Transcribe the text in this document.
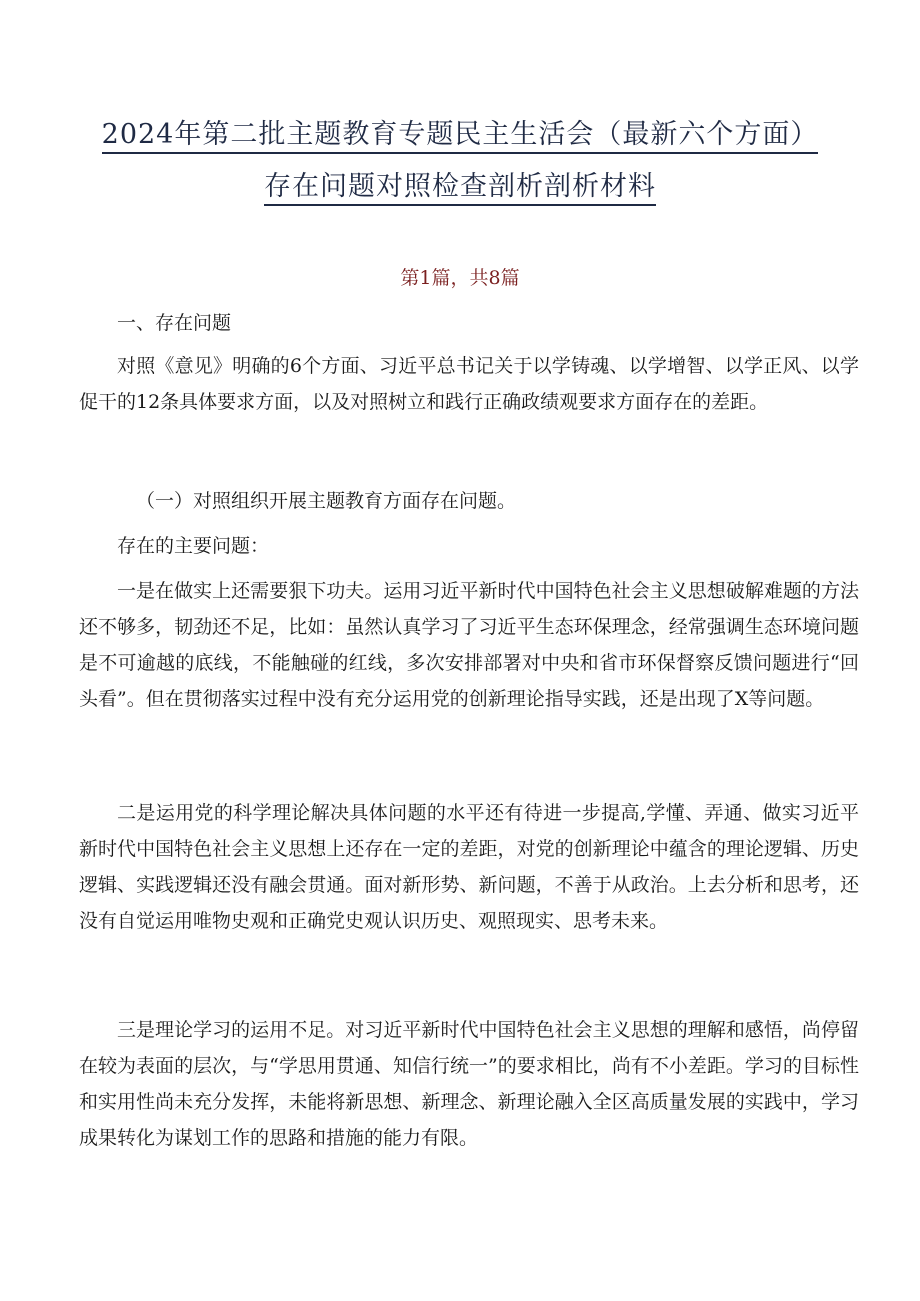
2024年第二批主题教育专题民主生活会（最新六个方面）
存在问题对照检查剖析剖析材料

第1篇，共8篇

一、存在问题

对照《意见》明确的6个方面、习近平总书记关于以学铸魂、以学增智、以学正风、以学促干的12条具体要求方面，以及对照树立和践行正确政绩观要求方面存在的差距。

（一）对照组织开展主题教育方面存在问题。

存在的主要问题：

一是在做实上还需要狠下功夫。运用习近平新时代中国特色社会主义思想破解难题的方法还不够多，韧劲还不足，比如：虽然认真学习了习近平生态环保理念，经常强调生态环境问题是不可逾越的底线，不能触碰的红线，多次安排部署对中央和省市环保督察反馈问题进行“回头看”。但在贯彻落实过程中没有充分运用党的创新理论指导实践，还是出现了X等问题。

二是运用党的科学理论解决具体问题的水平还有待进一步提高,学懂、弄通、做实习近平新时代中国特色社会主义思想上还存在一定的差距，对党的创新理论中蕴含的理论逻辑、历史逻辑、实践逻辑还没有融会贯通。面对新形势、新问题，不善于从政治。上去分析和思考，还没有自觉运用唯物史观和正确党史观认识历史、观照现实、思考未来。

三是理论学习的运用不足。对习近平新时代中国特色社会主义思想的理解和感悟，尚停留在较为表面的层次，与“学思用贯通、知信行统一”的要求相比，尚有不小差距。学习的目标性和实用性尚未充分发挥，未能将新思想、新理念、新理论融入全区高质量发展的实践中，学习成果转化为谋划工作的思路和措施的能力有限。
